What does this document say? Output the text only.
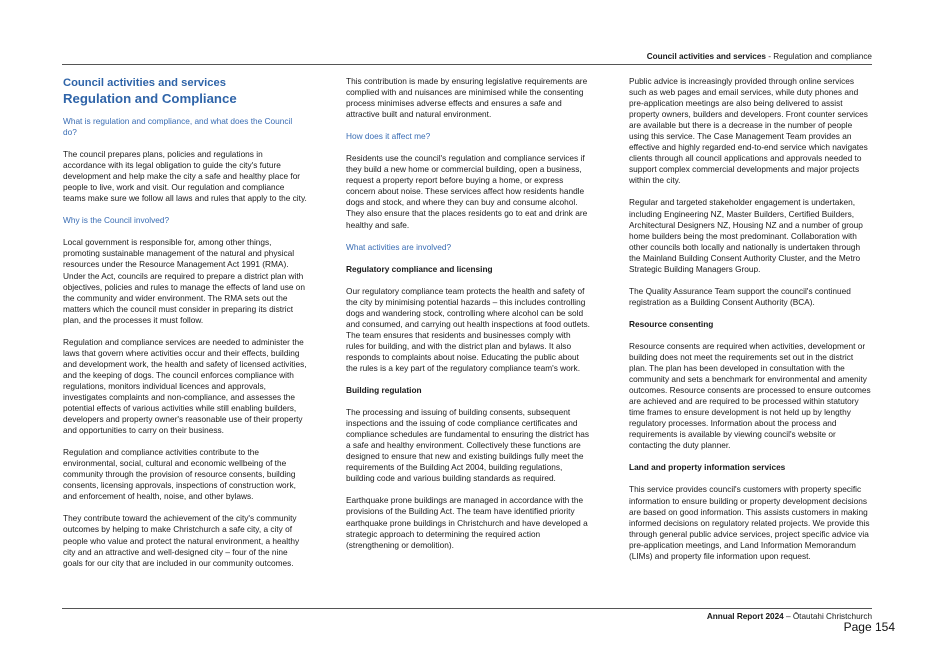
Council activities and services - Regulation and compliance
Council activities and services
Regulation and Compliance

What is regulation and compliance, and what does the Council do?

The council prepares plans, policies and regulations in accordance with its legal obligation to guide the city's future development and help make the city a safe and healthy place for people to live, work and visit. Our regulation and compliance teams make sure we follow all laws and rules that apply to the city.

Why is the Council involved?

Local government is responsible for, among other things, promoting sustainable management of the natural and physical resources under the Resource Management Act 1991 (RMA). Under the Act, councils are required to prepare a district plan with objectives, policies and rules to manage the effects of land use on the community and wider environment. The RMA sets out the matters which the council must consider in preparing its district plan, and the processes it must follow.

Regulation and compliance services are needed to administer the laws that govern where activities occur and their effects, building and development work, the health and safety of licensed activities, and the keeping of dogs. The council enforces compliance with regulations, monitors individual licences and approvals, investigates complaints and non-compliance, and assesses the potential effects of various activities while still enabling builders, developers and property owner's reasonable use of their property and opportunities to carry on their business.

Regulation and compliance activities contribute to the environmental, social, cultural and economic wellbeing of the community through the provision of resource consents, building consents, licensing approvals, inspections of construction work, and enforcement of health, noise, and other bylaws.

They contribute toward the achievement of the city's community outcomes by helping to make Christchurch a safe city, a city of people who value and protect the natural environment, a healthy city and an attractive and well-designed city – four of the nine goals for our city that are included in our community outcomes.

This contribution is made by ensuring legislative requirements are complied with and nuisances are minimised while the consenting process minimises adverse effects and ensures a safe and attractive built and natural environment.

How does it affect me?

Residents use the council's regulation and compliance services if they build a new home or commercial building, open a business, request a property report before buying a home, or express concern about noise. These services affect how residents handle dogs and stock, and where they can buy and consume alcohol. They also ensure that the places residents go to eat and drink are healthy and safe.

What activities are involved?

Regulatory compliance and licensing

Our regulatory compliance team protects the health and safety of the city by minimising potential hazards – this includes controlling dogs and wandering stock, controlling where alcohol can be sold and consumed, and carrying out health inspections at food outlets. The team ensures that residents and businesses comply with rules for building, and with the district plan and bylaws. It also responds to complaints about noise. Educating the public about the rules is a key part of the regulatory compliance team's work.

Building regulation

The processing and issuing of building consents, subsequent inspections and the issuing of code compliance certificates and compliance schedules are fundamental to ensuring the district has a safe and healthy environment. Collectively these functions are designed to ensure that new and existing buildings fully meet the requirements of the Building Act 2004, building regulations, building code and various building standards as required.

Earthquake prone buildings are managed in accordance with the provisions of the Building Act. The team have identified priority earthquake prone buildings in Christchurch and have developed a strategic approach to determining the required action (strengthening or demolition).

Public advice is increasingly provided through online services such as web pages and email services, while duty phones and pre-application meetings are also being delivered to assist property owners, builders and developers. Front counter services are available but there is a decrease in the number of people using this service. The Case Management Team provides an effective and highly regarded end-to-end service which navigates clients through all council applications and approvals needed to support complex commercial developments and major projects within the city.

Regular and targeted stakeholder engagement is undertaken, including Engineering NZ, Master Builders, Certified Builders, Architectural Designers NZ, Housing NZ and a number of group home builders being the most predominant. Collaboration with other councils both locally and nationally is undertaken through the Mainland Building Consent Authority Cluster, and the Metro Strategic Building Managers Group.

The Quality Assurance Team support the council's continued registration as a Building Consent Authority (BCA).

Resource consenting

Resource consents are required when activities, development or building does not meet the requirements set out in the district plan. The plan has been developed in consultation with the community and sets a benchmark for environmental and amenity outcomes. Resource consents are processed to ensure outcomes are achieved and are required to be processed within statutory time frames to ensure development is not held up by lengthy regulatory processes. Information about the process and requirements is available by viewing council's website or contacting the duty planner.

Land and property information services

This service provides council's customers with property specific information to ensure building or property development decisions are based on good information. This assists customers in making informed decisions on regulatory related projects. We provide this through general public advice services, project specific advice via pre-application meetings, and Land Information Memorandum (LIMs) and property file information upon request.

Annual Report 2024 – Ōtautahi Christchurch
Page 154
